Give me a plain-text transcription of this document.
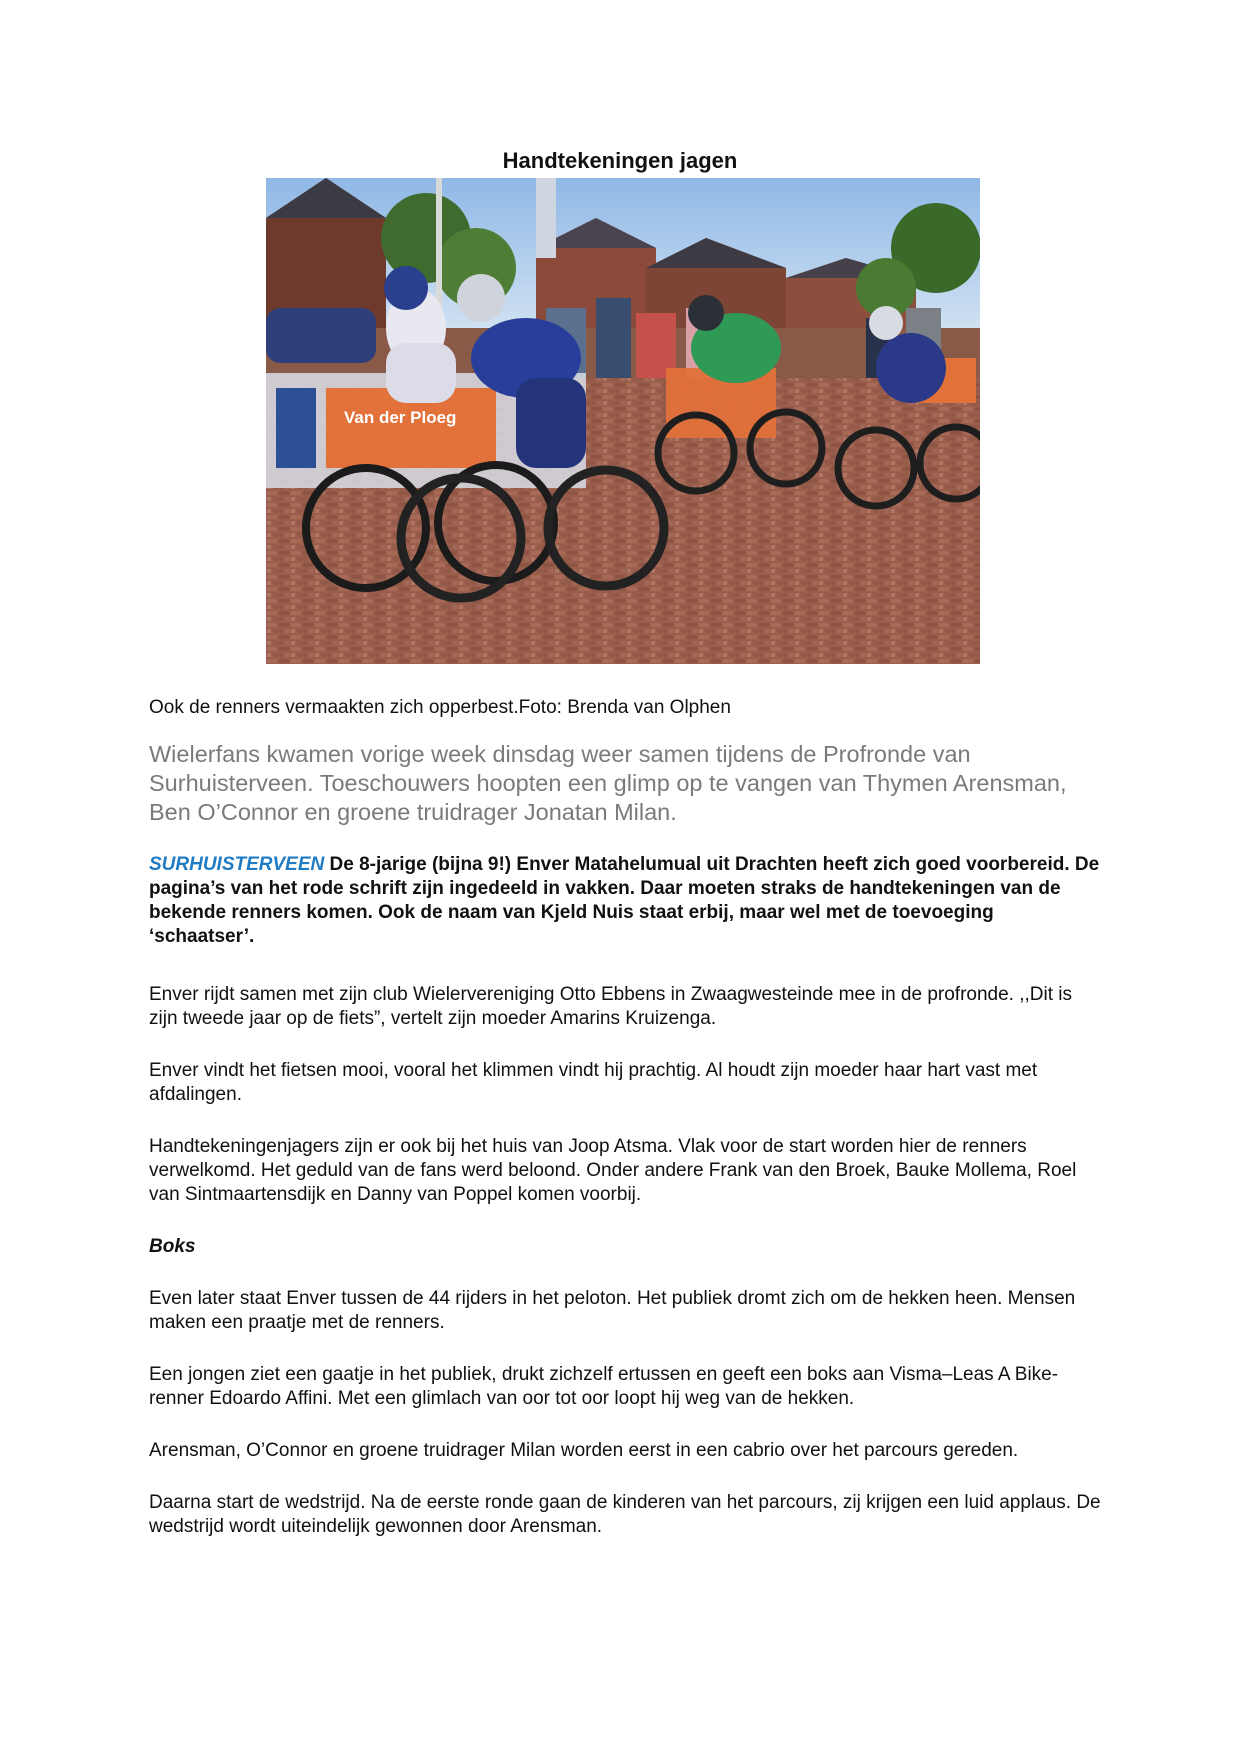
Handtekeningen jagen
Van der Ploeg

Ook de renners vermaakten zich opperbest.Foto: Brenda van Olphen

Wielerfans kwamen vorige week dinsdag weer samen tijdens de Profronde van Surhuisterveen. Toeschouwers hoopten een glimp op te vangen van Thymen Arensman, Ben O’Connor en groene truidrager Jonatan Milan.

SURHUISTERVEEN De 8-jarige (bijna 9!) Enver Matahelumual uit Drachten heeft zich goed voorbereid. De pagina’s van het rode schrift zijn ingedeeld in vakken. Daar moeten straks de handtekeningen van de bekende renners komen. Ook de naam van Kjeld Nuis staat erbij, maar wel met de toevoeging ‘schaatser’.

Enver rijdt samen met zijn club Wielervereniging Otto Ebbens in Zwaagwesteinde mee in de profronde. ,,Dit is zijn tweede jaar op de fiets”, vertelt zijn moeder Amarins Kruizenga.

Enver vindt het fietsen mooi, vooral het klimmen vindt hij prachtig. Al houdt zijn moeder haar hart vast met afdalingen.

Handtekeningenjagers zijn er ook bij het huis van Joop Atsma. Vlak voor de start worden hier de renners verwelkomd. Het geduld van de fans werd beloond. Onder andere Frank van den Broek, Bauke Mollema, Roel van Sintmaartensdijk en Danny van Poppel komen voorbij.

Boks

Even later staat Enver tussen de 44 rijders in het peloton. Het publiek dromt zich om de hekken heen. Mensen maken een praatje met de renners.

Een jongen ziet een gaatje in het publiek, drukt zichzelf ertussen en geeft een boks aan Visma–Leas A Bike-renner Edoardo Affini. Met een glimlach van oor tot oor loopt hij weg van de hekken.

Arensman, O’Connor en groene truidrager Milan worden eerst in een cabrio over het parcours gereden.

Daarna start de wedstrijd. Na de eerste ronde gaan de kinderen van het parcours, zij krijgen een luid applaus. De wedstrijd wordt uiteindelijk gewonnen door Arensman.
